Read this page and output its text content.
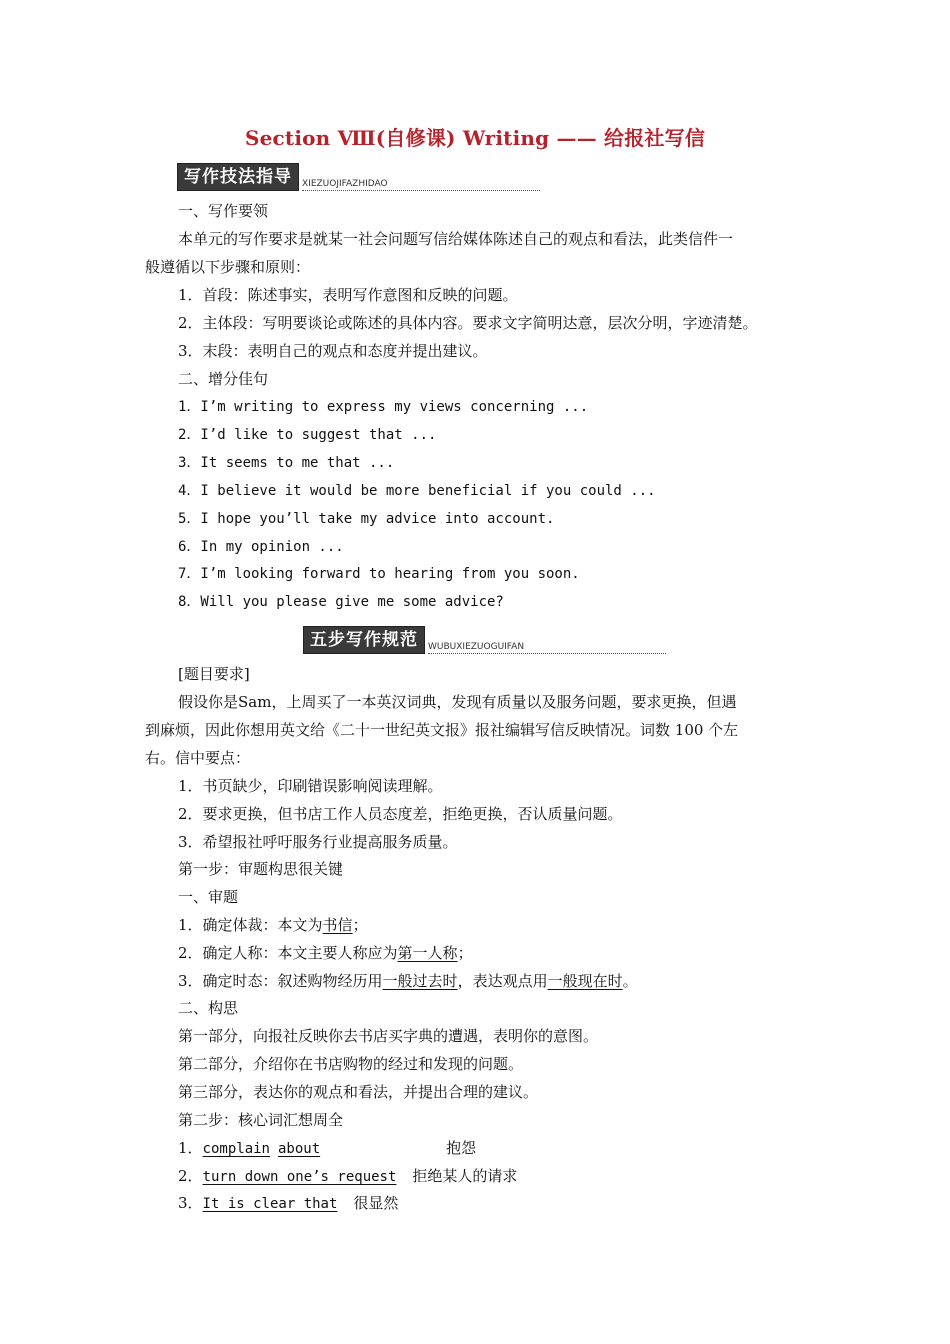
Section Ⅷ(自修课) Writing —— 给报社写信
写作技法指导	XIEZUOJIFAZHIDAO
一、写作要领
本单元的写作要求是就某一社会问题写信给媒体陈述自己的观点和看法，此类信件一
般遵循以下步骤和原则：
1．首段：陈述事实，表明写作意图和反映的问题。
2．主体段：写明要谈论或陈述的具体内容。要求文字简明达意，层次分明，字迹清楚。
3．末段：表明自己的观点和态度并提出建议。
二、增分佳句
1．I’m writing to express my views concerning ...
2．I’d like to suggest that ...
3．It seems to me that ...
4．I believe it would be more beneficial if you could ...
5．I hope you’ll take my advice into account.
6．In my opinion ...
7．I’m looking forward to hearing from you soon.
8．Will you please give me some advice?
五步写作规范	WUBUXIEZUOGUIFAN
[题目要求]
假设你是Sam，上周买了一本英汉词典，发现有质量以及服务问题，要求更换，但遇
到麻烦，因此你想用英文给《二十一世纪英文报》报社编辑写信反映情况。词数 100 个左
右。信中要点：
1．书页缺少，印刷错误影响阅读理解。
2．要求更换，但书店工作人员态度差，拒绝更换，否认质量问题。
3．希望报社呼吁服务行业提高服务质量。
第一步：审题构思很关键
一、审题
1．确定体裁：本文为书信；
2．确定人称：本文主要人称应为第一人称；
3．确定时态：叙述购物经历用一般过去时，表达观点用一般现在时。
二、构思
第一部分，向报社反映你去书店买字典的遭遇，表明你的意图。
第二部分，介绍你在书店购物的经过和发现的问题。
第三部分，表达你的观点和看法，并提出合理的建议。
第二步：核心词汇想周全
1．complain about	抱怨
2．turn down one’s request 拒绝某人的请求
3．It is clear that 很显然
